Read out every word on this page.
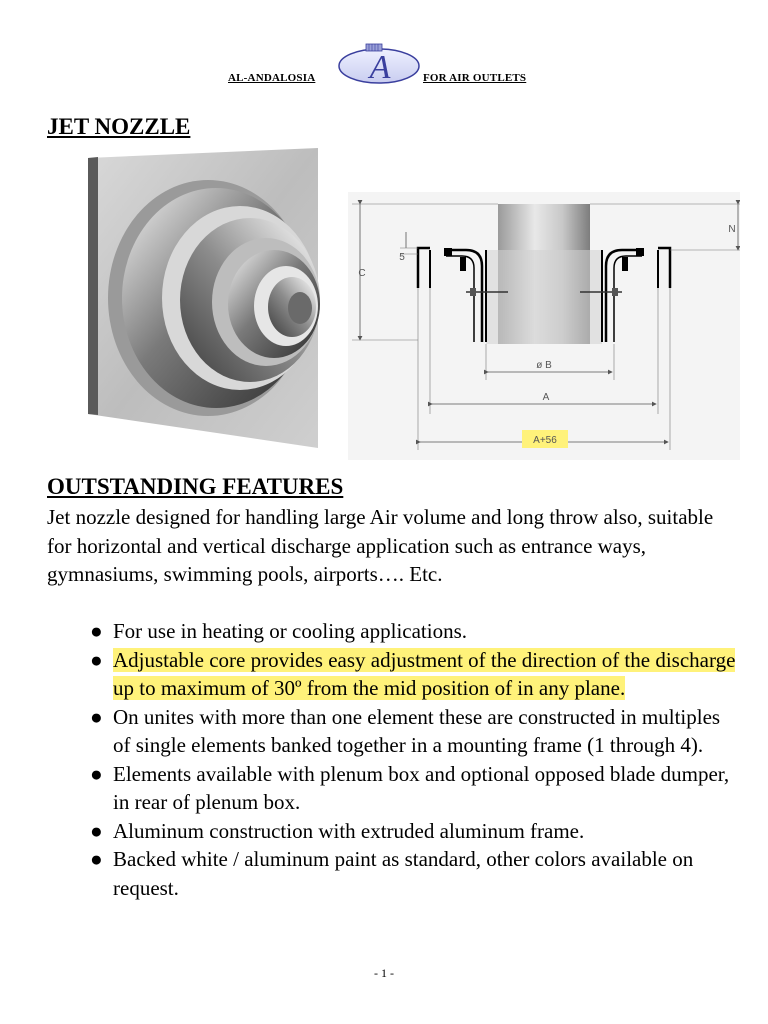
AL-ANDALOSIA A	FOR AIR OUTLETS
JET NOZZLE
N
5
C
ø B
A
A+56
OUTSTANDING FEATURES
Jet nozzle designed for handling large Air volume and long throw also, suitable for horizontal and vertical discharge application such as entrance ways, gymnasiums, swimming pools, airports…. Etc.
● For use in heating or cooling applications.
● Adjustable core provides easy adjustment of the direction of the discharge up to maximum of 30º from the mid position of in any plane.
● On unites with more than one element these are constructed in multiples of single elements banked together in a mounting frame (1 through 4).
● Elements available with plenum box and optional opposed blade dumper, in rear of plenum box.
● Aluminum construction with extruded aluminum frame.
● Backed white / aluminum paint as standard, other colors available on request.
- 1 -
